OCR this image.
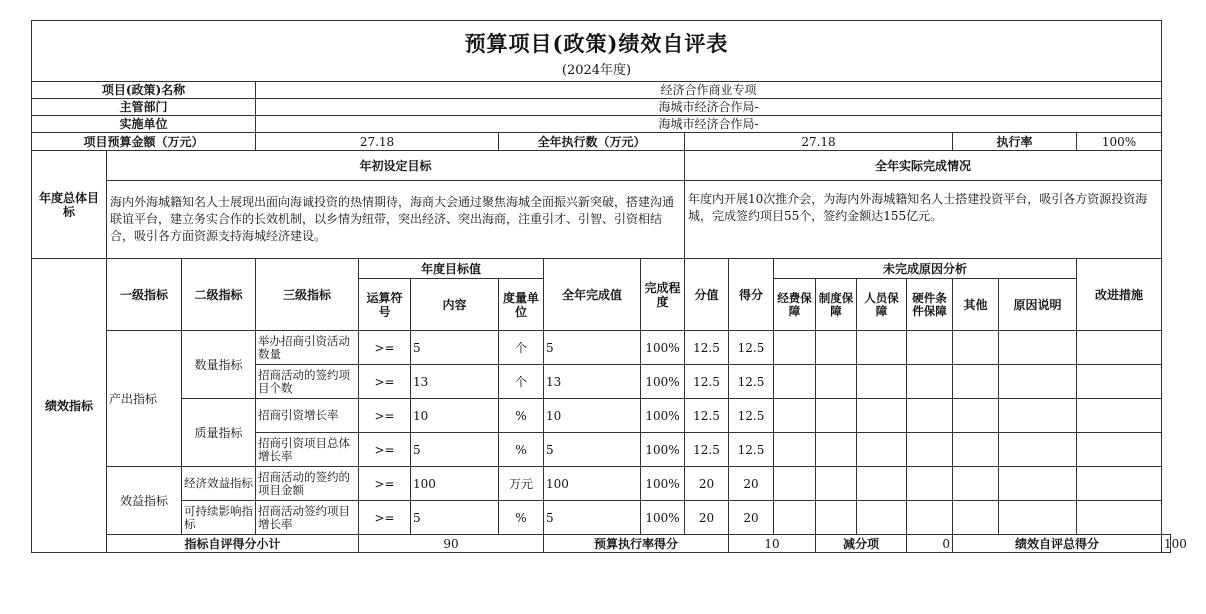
预算项目(政策)绩效自评表																		
(2024年度)																		
项目(政策)名称			经济合作商业专项															
主管部门			海城市经济合作局-															
实施单位			海城市经济合作局-															
项目预算金额（万元）			27.18			全年执行数（万元）			27.18						执行率		100%	
年度总体目标	年初设定目标								全年实际完成情况									
	海内外海城籍知名人士展现出面向海诚投资的热情期待，海商大会通过聚焦海城全面振兴新突破，搭建沟通联谊平台，建立务实合作的长效机制，以乡情为纽带，突出经济、突出海商，注重引才、引智、引资相结合，吸引各方面资源支持海城经济建设。								年度内开展10次推介会，为海内外海城籍知名人士搭建投资平台，吸引各方资源投资海城，完成签约项目55个，签约金额达155亿元。									
绩效指标	一级指标	二级指标	三级指标	年度目标值			全年完成值	完成程度	分值	得分	未完成原因分析						改进措施	
				运算符号	内容	度量单位					经费保障	制度保障	人员保障	硬件条件保障	其他	原因说明		
	产出指标	数量指标	举办招商引资活动数量	>=	5	个	5	100%	12.5	12.5								
			招商活动的签约项目个数	>=	13	个	13	100%	12.5	12.5								
		质量指标	招商引资增长率	>=	10	%	10	100%	12.5	12.5								
			招商引资项目总体增长率	>=	5	%	5	100%	12.5	12.5								
	效益指标	经济效益指标	招商活动的签约的项目金额	>=	100	万元	100	100%	20	20								
		可持续影响指标	招商活动签约项目增长率	>=	5	%	5	100%	20	20								
	指标自评得分小计			90			预算执行率得分			10		减分项		0	绩效自评总得分			100
